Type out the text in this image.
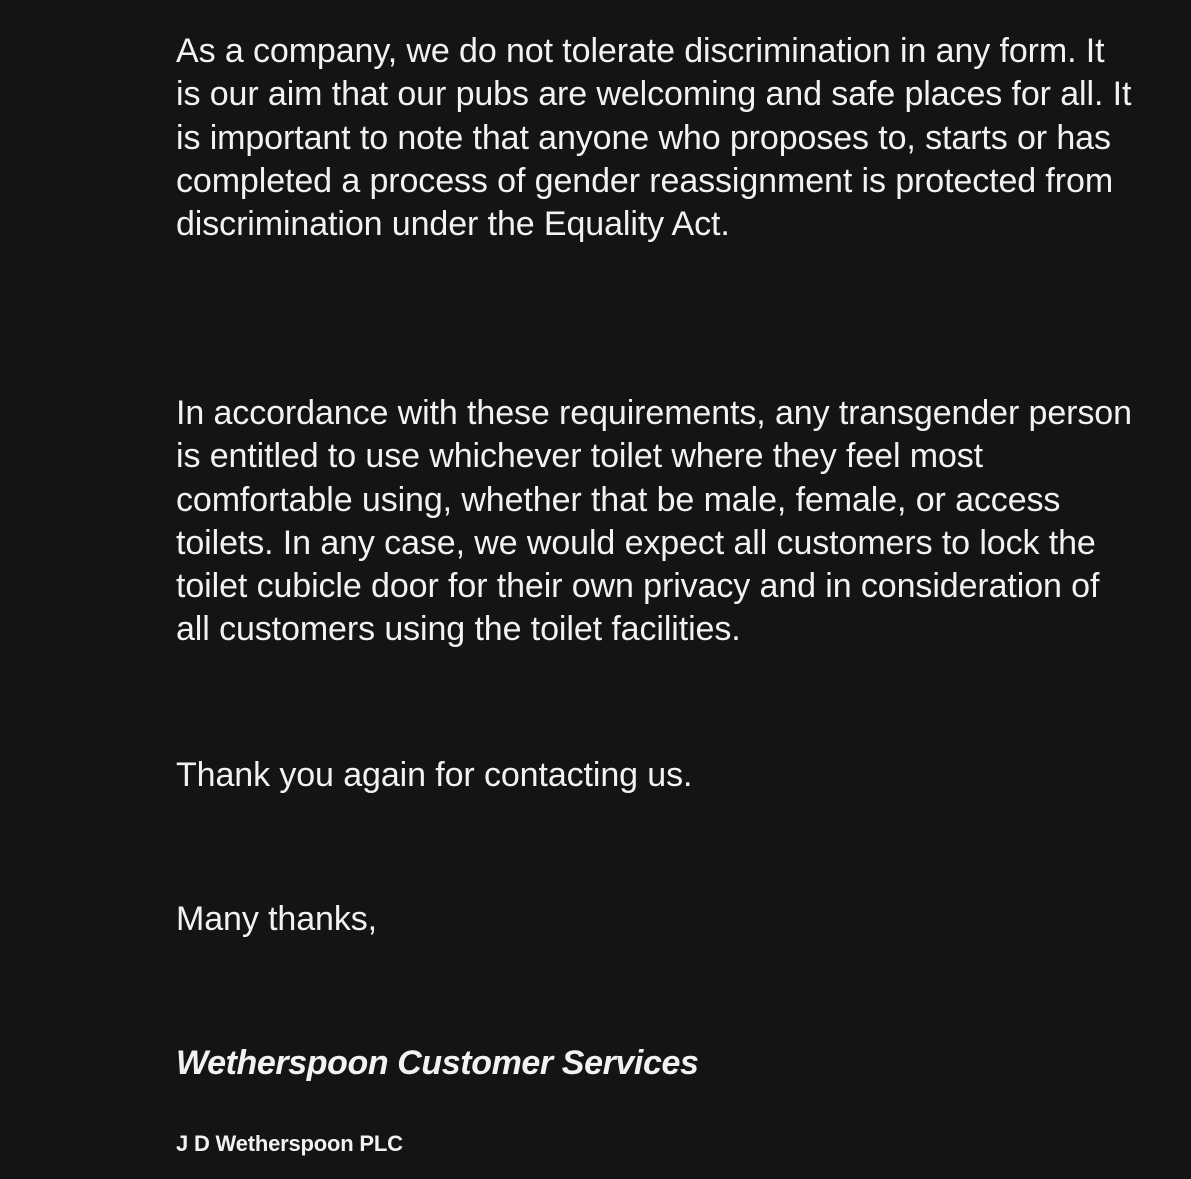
As a company, we do not tolerate discrimination in any form. It is our aim that our pubs are welcoming and safe places for all. It is important to note that anyone who proposes to, starts or has completed a process of gender reassignment is protected from discrimination under the Equality Act.

In accordance with these requirements, any transgender person is entitled to use whichever toilet where they feel most comfortable using, whether that be male, female, or access toilets. In any case, we would expect all customers to lock the toilet cubicle door for their own privacy and in consideration of all customers using the toilet facilities.

Thank you again for contacting us.

Many thanks,

Wetherspoon Customer Services

J D Wetherspoon PLC
